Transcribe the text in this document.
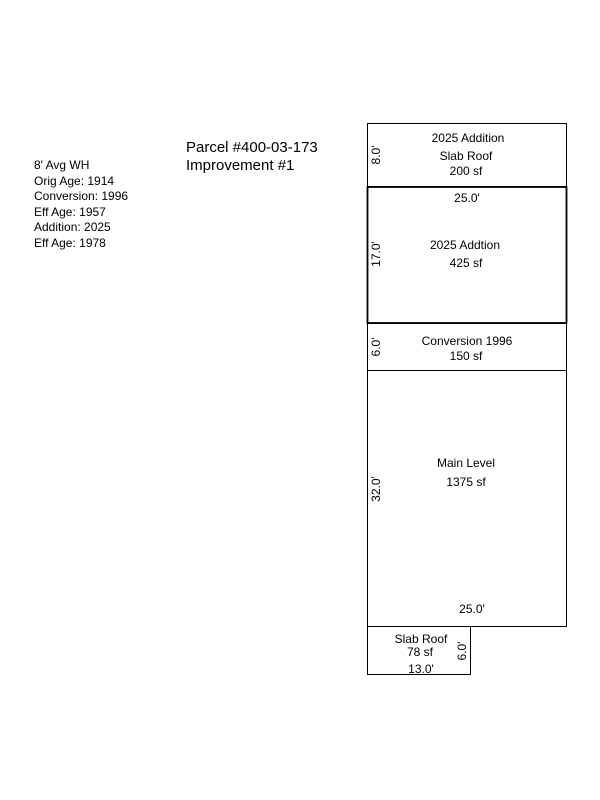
8' Avg WH
Orig Age: 1914
Conversion: 1996
Eff Age: 1957
Addition: 2025
Eff Age: 1978
Parcel #400-03-173
Improvement #1
2025 Addition
Slab Roof
200 sf
8.0'
25.0'
2025 Addtion
425 sf
17.0'
Conversion 1996
150 sf
6.0'
Main Level
1375 sf
32.0'
25.0'
Slab Roof
78 sf
13.0'
6.0'
